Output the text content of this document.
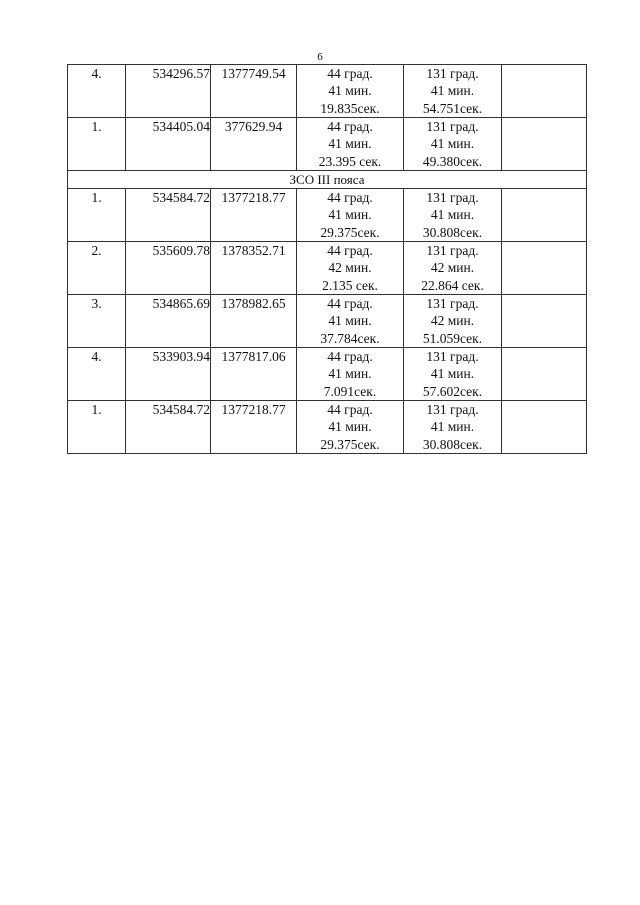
6
4.	534296.57	1377749.54	44 град.
41 мин.
19.835сек.	131 град.
41 мин.
54.751сек.	

1.	534405.04	377629.94	44 град.
41 мин.
23.395 сек.	131 град.
41 мин.
49.380сек.	

ЗСО III пояса					
1.	534584.72	1377218.77	44 град.
41 мин.
29.375сек.	131 град.
41 мин.
30.808сек.	

2.	535609.78	1378352.71	44 град.
42 мин.
2.135 сек.	131 град.
42 мин.
22.864 сек.	

3.	534865.69	1378982.65	44 град.
41 мин.
37.784сек.	131 град.
42 мин.
51.059сек.	

4.	533903.94	1377817.06	44 град.
41 мин.
7.091сек.	131 град.
41 мин.
57.602сек.	

1.	534584.72	1377218.77	44 град.
41 мин.
29.375сек.	131 град.
41 мин.
30.808сек.	
